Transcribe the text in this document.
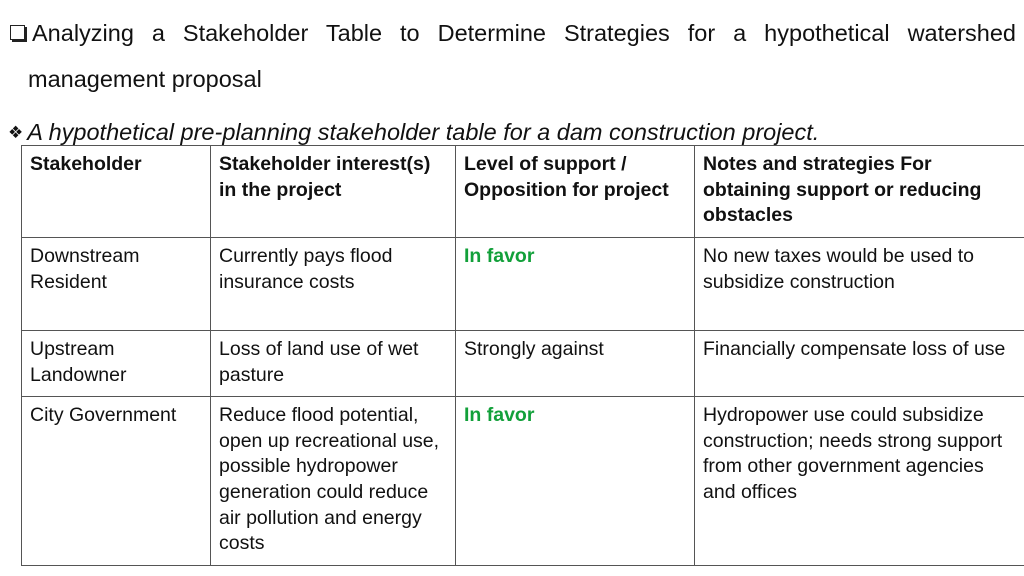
Analyzing a Stakeholder Table to Determine Strategies for a hypothetical watershed
management proposal
❖ A hypothetical pre-planning stakeholder table for a dam construction project.
Stakeholder	Stakeholder interest(s) in the project	Level of support / Opposition for project	Notes and strategies For obtaining support or reducing obstacles
Downstream Resident	Currently pays flood insurance costs	In favor	No new taxes would be used to subsidize construction
Upstream Landowner	Loss of land use of wet pasture	Strongly against	Financially compensate loss of use
City Government	Reduce flood potential, open up recreational use, possible hydropower generation could reduce air pollution and energy costs	In favor	Hydropower use could subsidize construction; needs strong support from other government agencies and offices
